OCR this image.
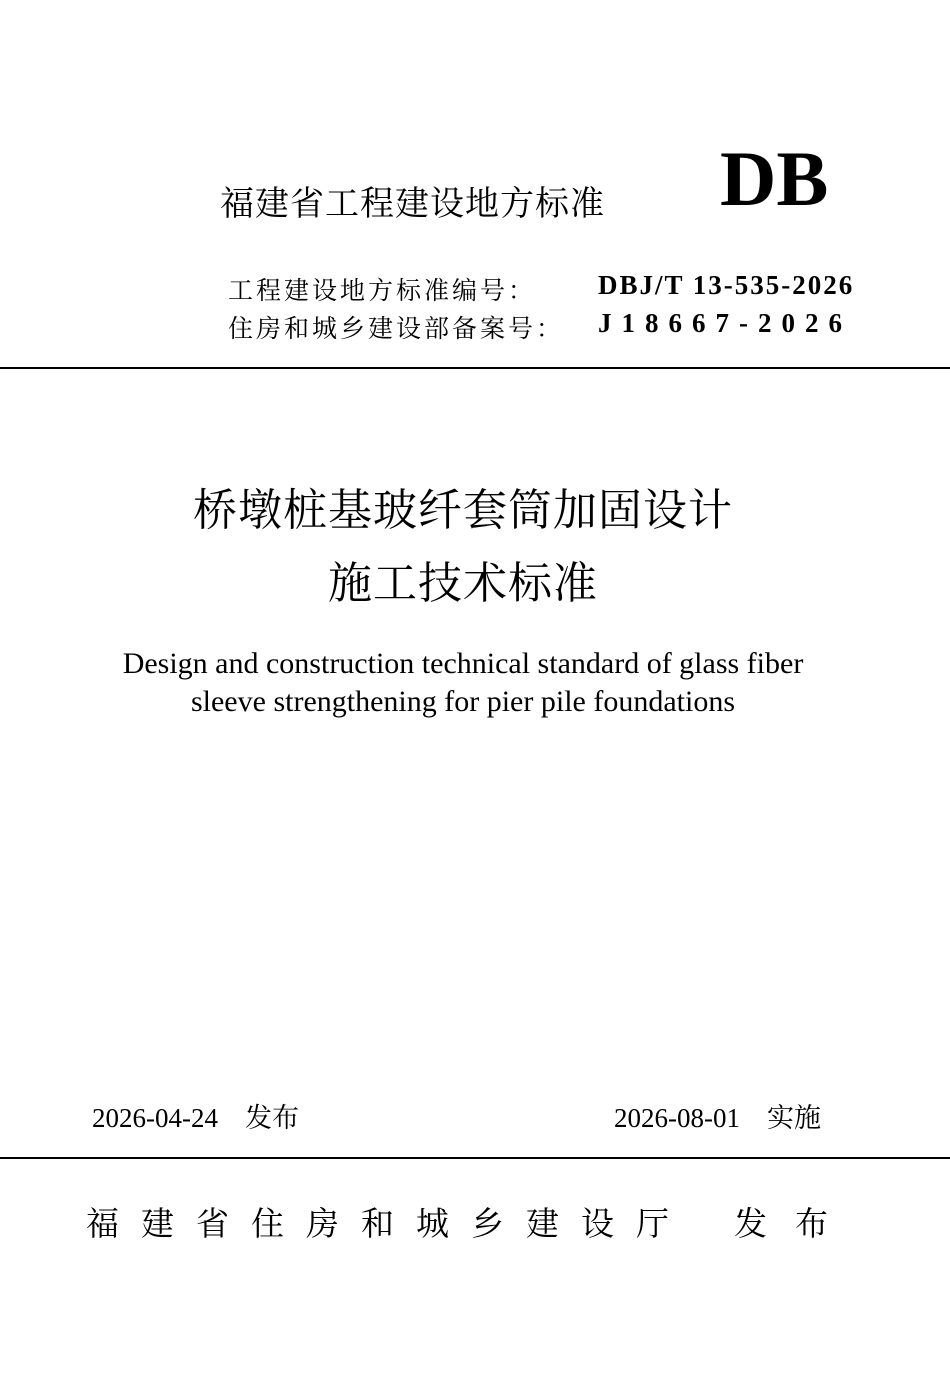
福建省工程建设地方标准 DB
工程建设地方标准编号： DBJ/T 13-535-2026
住房和城乡建设部备案号： J18667-2026
桥墩桩基玻纤套筒加固设计
施工技术标准
Design and construction technical standard of glass fiber
sleeve strengthening for pier pile foundations
2026-04-24　 发布	2026-08-01　 实施
福建省住房和城乡建设厅 发布
